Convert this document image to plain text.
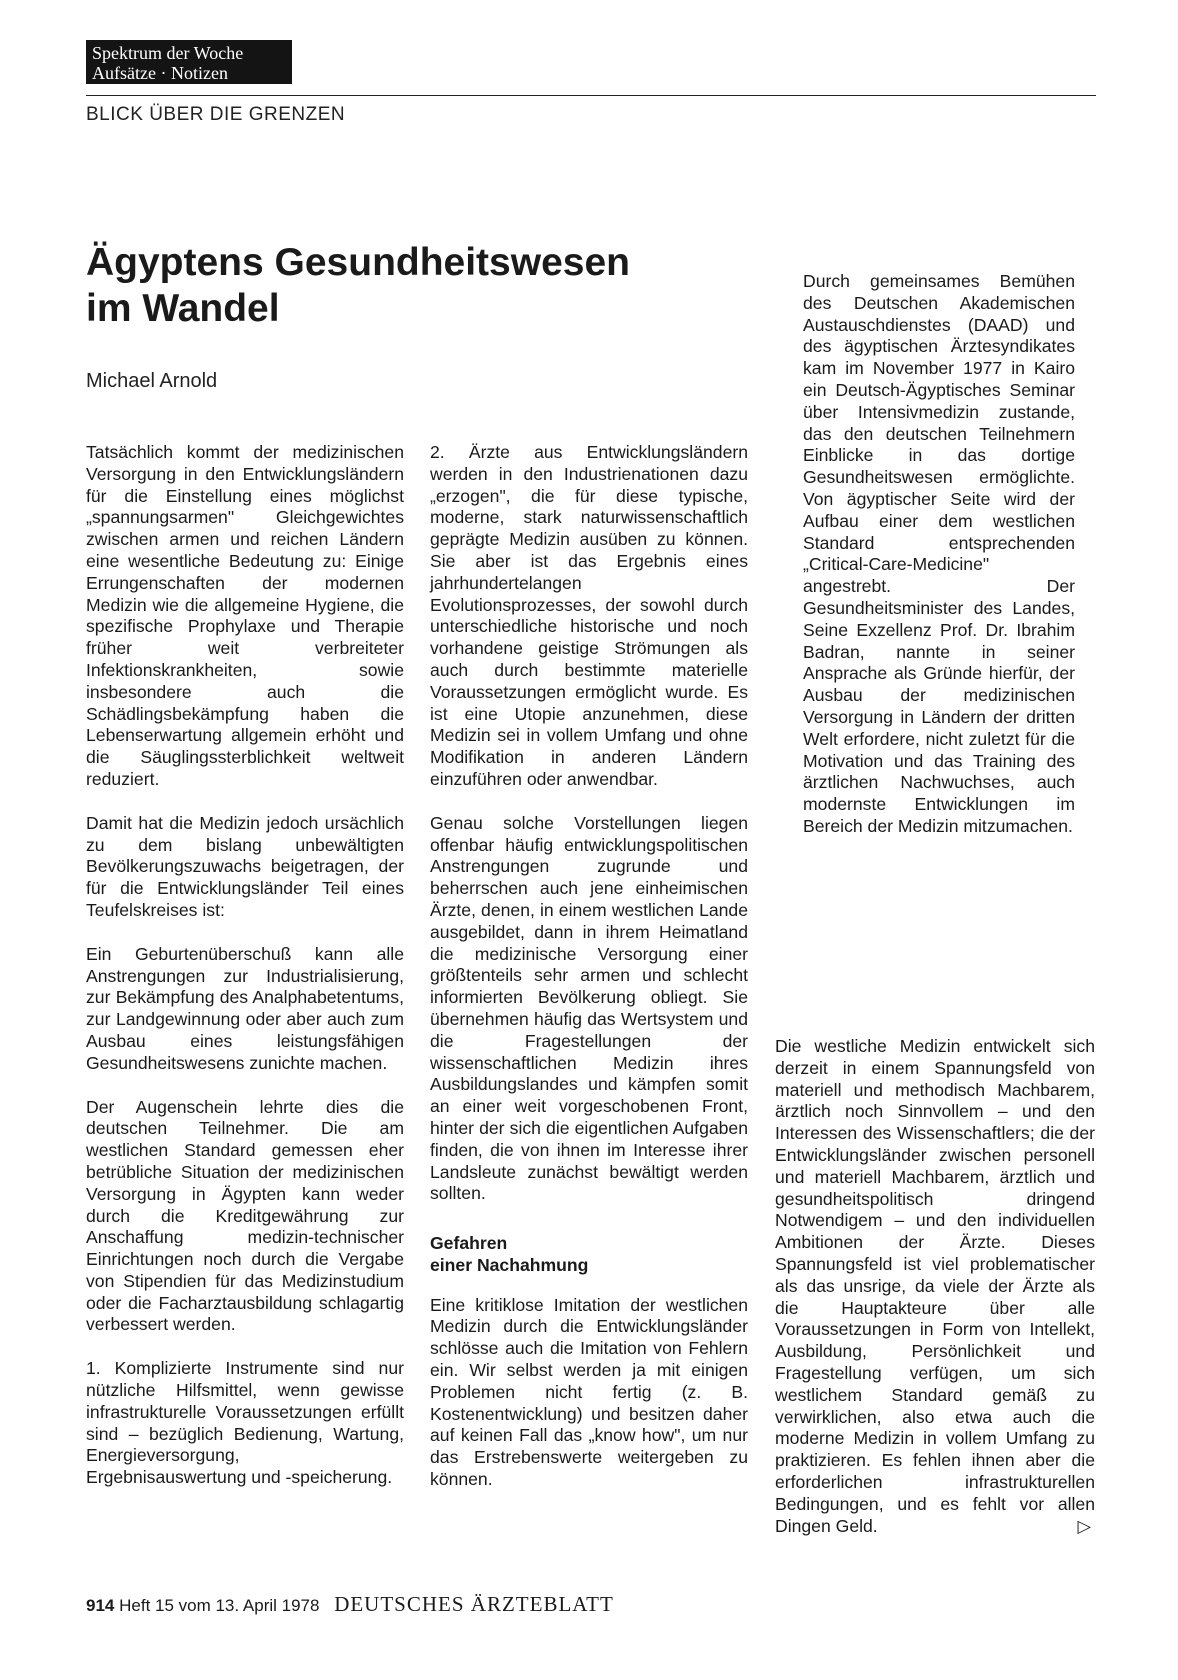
Spektrum der Woche
Aufsätze · Notizen
BLICK ÜBER DIE GRENZEN
Ägyptens Gesundheitswesen
im Wandel
Michael Arnold

Tatsächlich kommt der medizinischen Versorgung in den Entwicklungsländern für die Einstellung eines möglichst „spannungsarmen" Gleichgewichtes zwischen armen und reichen Ländern eine wesentliche Bedeutung zu: Einige Errungenschaften der modernen Medizin wie die allgemeine Hygiene, die spezifische Prophylaxe und Therapie früher weit verbreiteter Infektionskrankheiten, sowie insbesondere auch die Schädlingsbekämpfung haben die Lebenserwartung allgemein erhöht und die Säuglingssterblichkeit weltweit reduziert.

Damit hat die Medizin jedoch ursächlich zu dem bislang unbewältigten Bevölkerungszuwachs beigetragen, der für die Entwicklungsländer Teil eines Teufelskreises ist:

Ein Geburtenüberschuß kann alle Anstrengungen zur Industrialisierung, zur Bekämpfung des Analphabetentums, zur Landgewinnung oder aber auch zum Ausbau eines leistungsfähigen Gesundheitswesens zunichte machen.

Der Augenschein lehrte dies die deutschen Teilnehmer. Die am westlichen Standard gemessen eher betrübliche Situation der medizinischen Versorgung in Ägypten kann weder durch die Kreditgewährung zur Anschaffung medizin-technischer Einrichtungen noch durch die Vergabe von Stipendien für das Medizinstudium oder die Facharztausbildung schlagartig verbessert werden.

1. Komplizierte Instrumente sind nur nützliche Hilfsmittel, wenn gewisse infrastrukturelle Voraussetzungen erfüllt sind – bezüglich Bedienung, Wartung, Energieversorgung, Ergebnisauswertung und -speicherung.

2. Ärzte aus Entwicklungsländern werden in den Industrienationen dazu „erzogen", die für diese typische, moderne, stark naturwissenschaftlich geprägte Medizin ausüben zu können. Sie aber ist das Ergebnis eines jahrhundertelangen Evolutionsprozesses, der sowohl durch unterschiedliche historische und noch vorhandene geistige Strömungen als auch durch bestimmte materielle Voraussetzungen ermöglicht wurde. Es ist eine Utopie anzunehmen, diese Medizin sei in vollem Umfang und ohne Modifikation in anderen Ländern einzuführen oder anwendbar.

Genau solche Vorstellungen liegen offenbar häufig entwicklungspolitischen Anstrengungen zugrunde und beherrschen auch jene einheimischen Ärzte, denen, in einem westlichen Lande ausgebildet, dann in ihrem Heimatland die medizinische Versorgung einer größtenteils sehr armen und schlecht informierten Bevölkerung obliegt. Sie übernehmen häufig das Wertsystem und die Fragestellungen der wissenschaftlichen Medizin ihres Ausbildungslandes und kämpfen somit an einer weit vorgeschobenen Front, hinter der sich die eigentlichen Aufgaben finden, die von ihnen im Interesse ihrer Landsleute zunächst bewältigt werden sollten.

Gefahren
einer Nachahmung

Eine kritiklose Imitation der westlichen Medizin durch die Entwicklungsländer schlösse auch die Imitation von Fehlern ein. Wir selbst werden ja mit einigen Problemen nicht fertig (z. B. Kostenentwicklung) und besitzen daher auf keinen Fall das „know how", um nur das Erstrebenswerte weitergeben zu können.

Durch gemeinsames Bemühen des Deutschen Akademischen Austauschdienstes (DAAD) und des ägyptischen Ärztesyndikates kam im November 1977 in Kairo ein Deutsch-Ägyptisches Seminar über Intensivmedizin zustande, das den deutschen Teilnehmern Einblicke in das dortige Gesundheitswesen ermöglichte. Von ägyptischer Seite wird der Aufbau einer dem westlichen Standard entsprechenden „Critical-Care-Medicine" angestrebt. Der Gesundheitsminister des Landes, Seine Exzellenz Prof. Dr. Ibrahim Badran, nannte in seiner Ansprache als Gründe hierfür, der Ausbau der medizinischen Versorgung in Ländern der dritten Welt erfordere, nicht zuletzt für die Motivation und das Training des ärztlichen Nachwuchses, auch modernste Entwicklungen im Bereich der Medizin mitzumachen.

Die westliche Medizin entwickelt sich derzeit in einem Spannungsfeld von materiell und methodisch Machbarem, ärztlich noch Sinnvollem – und den Interessen des Wissenschaftlers; die der Entwicklungsländer zwischen personell und materiell Machbarem, ärztlich und gesundheitspolitisch dringend Notwendigem – und den individuellen Ambitionen der Ärzte. Dieses Spannungsfeld ist viel problematischer als das unsrige, da viele der Ärzte als die Hauptakteure über alle Voraussetzungen in Form von Intellekt, Ausbildung, Persönlichkeit und Fragestellung verfügen, um sich westlichem Standard gemäß zu verwirklichen, also etwa auch die moderne Medizin in vollem Umfang zu praktizieren. Es fehlen ihnen aber die erforderlichen infrastrukturellen Bedingungen, und es fehlt vor allen Dingen Geld.	▷

914 Heft 15 vom 13. April 1978 DEUTSCHES ÄRZTEBLATT
